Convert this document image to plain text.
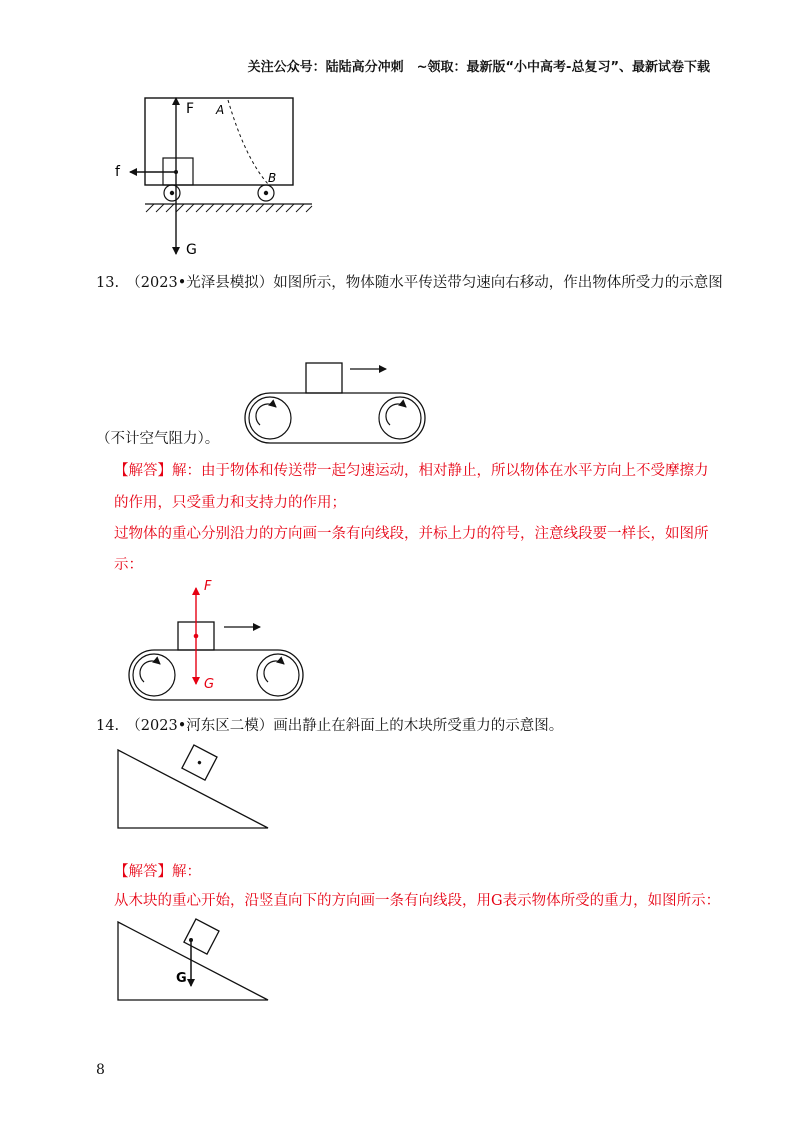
关注公众号：陆陆高分冲刺　~领取：最新版“小中高考-总复习”、最新试卷下载
F
f
G
A
B
13.　（2023•光泽县模拟）如图所示，物体随水平传送带匀速向右移动，作出物体所受力的示意图
（不计空气阻力）。
【解答】解：由于物体和传送带一起匀速运动，相对静止，所以物体在水平方向上不受摩擦力
的作用，只受重力和支持力的作用；
过物体的重心分别沿力的方向画一条有向线段，并标上力的符号，注意线段要一样长，如图所
示：
F
G
14.　（2023•河东区二模）画出静止在斜面上的木块所受重力的示意图。
【解答】解：
从木块的重心开始，沿竖直向下的方向画一条有向线段，用G表示物体所受的重力，如图所示：
G
8
